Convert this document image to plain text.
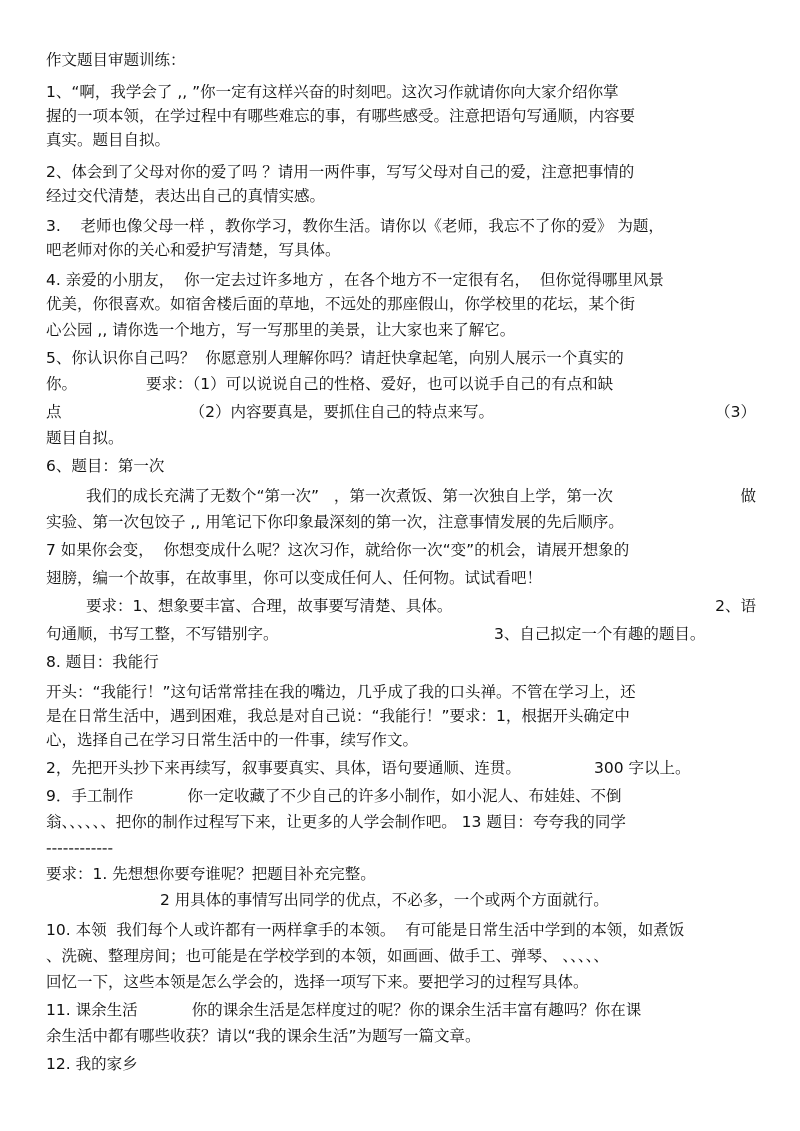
作文题目审题训练：
1、“啊，我学会了 ,, ”你一定有这样兴奋的时刻吧。这次习作就请你向大家介绍你掌
握的一项本领，在学过程中有哪些难忘的事，有哪些感受。注意把语句写通顺，内容要
真实。题目自拟。
2、体会到了父母对你的爱了吗 ？请用一两件事，写写父母对自己的爱，注意把事情的
经过交代清楚，表达出自己的真情实感。
3.    老师也像父母一样 ，教你学习，教你生活。请你以《老师，我忘不了你的爱》 为题，
吧老师对你的关心和爱护写清楚，写具体。
4. 亲爱的小朋友，  你一定去过许多地方 ，在各个地方不一定很有名，  但你觉得哪里风景
优美，你很喜欢。如宿舍楼后面的草地，不远处的那座假山，你学校里的花坛，某个街
心公园 ,, 请你选一个地方，写一写那里的美景，让大家也来了解它。
5、你认识你自己吗？  你愿意别人理解你吗？请赶快拿起笔，向别人展示一个真实的
你。              要求：（1）可以说说自己的性格、爱好，也可以说手自己的有点和缺
点                          （2）内容要真是，要抓住自己的特点来写。	（3）
题目自拟。
6、题目：第一次
我们的成长充满了无数个“第一次”   ，第一次煮饭、第一次独自上学，第一次	做
实验、第一次包饺子 ,, 用笔记下你印象最深刻的第一次，注意事情发展的先后顺序。
7 如果你会变，  你想变成什么呢？这次习作，就给你一次“变”的机会，请展开想象的
翅膀，编一个故事，在故事里，你可以变成任何人、任何物。试试看吧！
要求：1、想象要丰富、合理，故事要写清楚、具体。	2、语
句通顺，书写工整，不写错别字。	3、自己拟定一个有趣的题目。
8. 题目：我能行
开头：“我能行！”这句话常常挂在我的嘴边，几乎成了我的口头禅。不管在学习上，还
是在日常生活中，遇到困难，我总是对自己说：“我能行！”要求：1，根据开头确定中
心，选择自己在学习日常生活中的一件事，续写作文。
2，先把开头抄下来再续写，叙事要真实、具体，语句要通顺、连贯。	300 字以上。
9．手工制作           你一定收藏了不少自己的许多小制作，如小泥人、布娃娃、不倒
翁、、、、、、把你的制作过程写下来，让更多的人学会制作吧。 13 题目：夸夸我的同学
------------
要求：1. 先想想你要夸谁呢？把题目补充完整。
2 用具体的事情写出同学的优点，不必多，一个或两个方面就行。
10. 本领  我们每个人或许都有一两样拿手的本领。  有可能是日常生活中学到的本领，如煮饭
、洗碗、整理房间；也可能是在学校学到的本领，如画画、做手工、弹琴、 、、、、、
回忆一下，这些本领是怎么学会的，选择一项写下来。要把学习的过程写具体。
11. 课余生活           你的课余生活是怎样度过的呢？你的课余生活丰富有趣吗？你在课
余生活中都有哪些收获？请以“我的课余生活”为题写一篇文章。
12. 我的家乡
